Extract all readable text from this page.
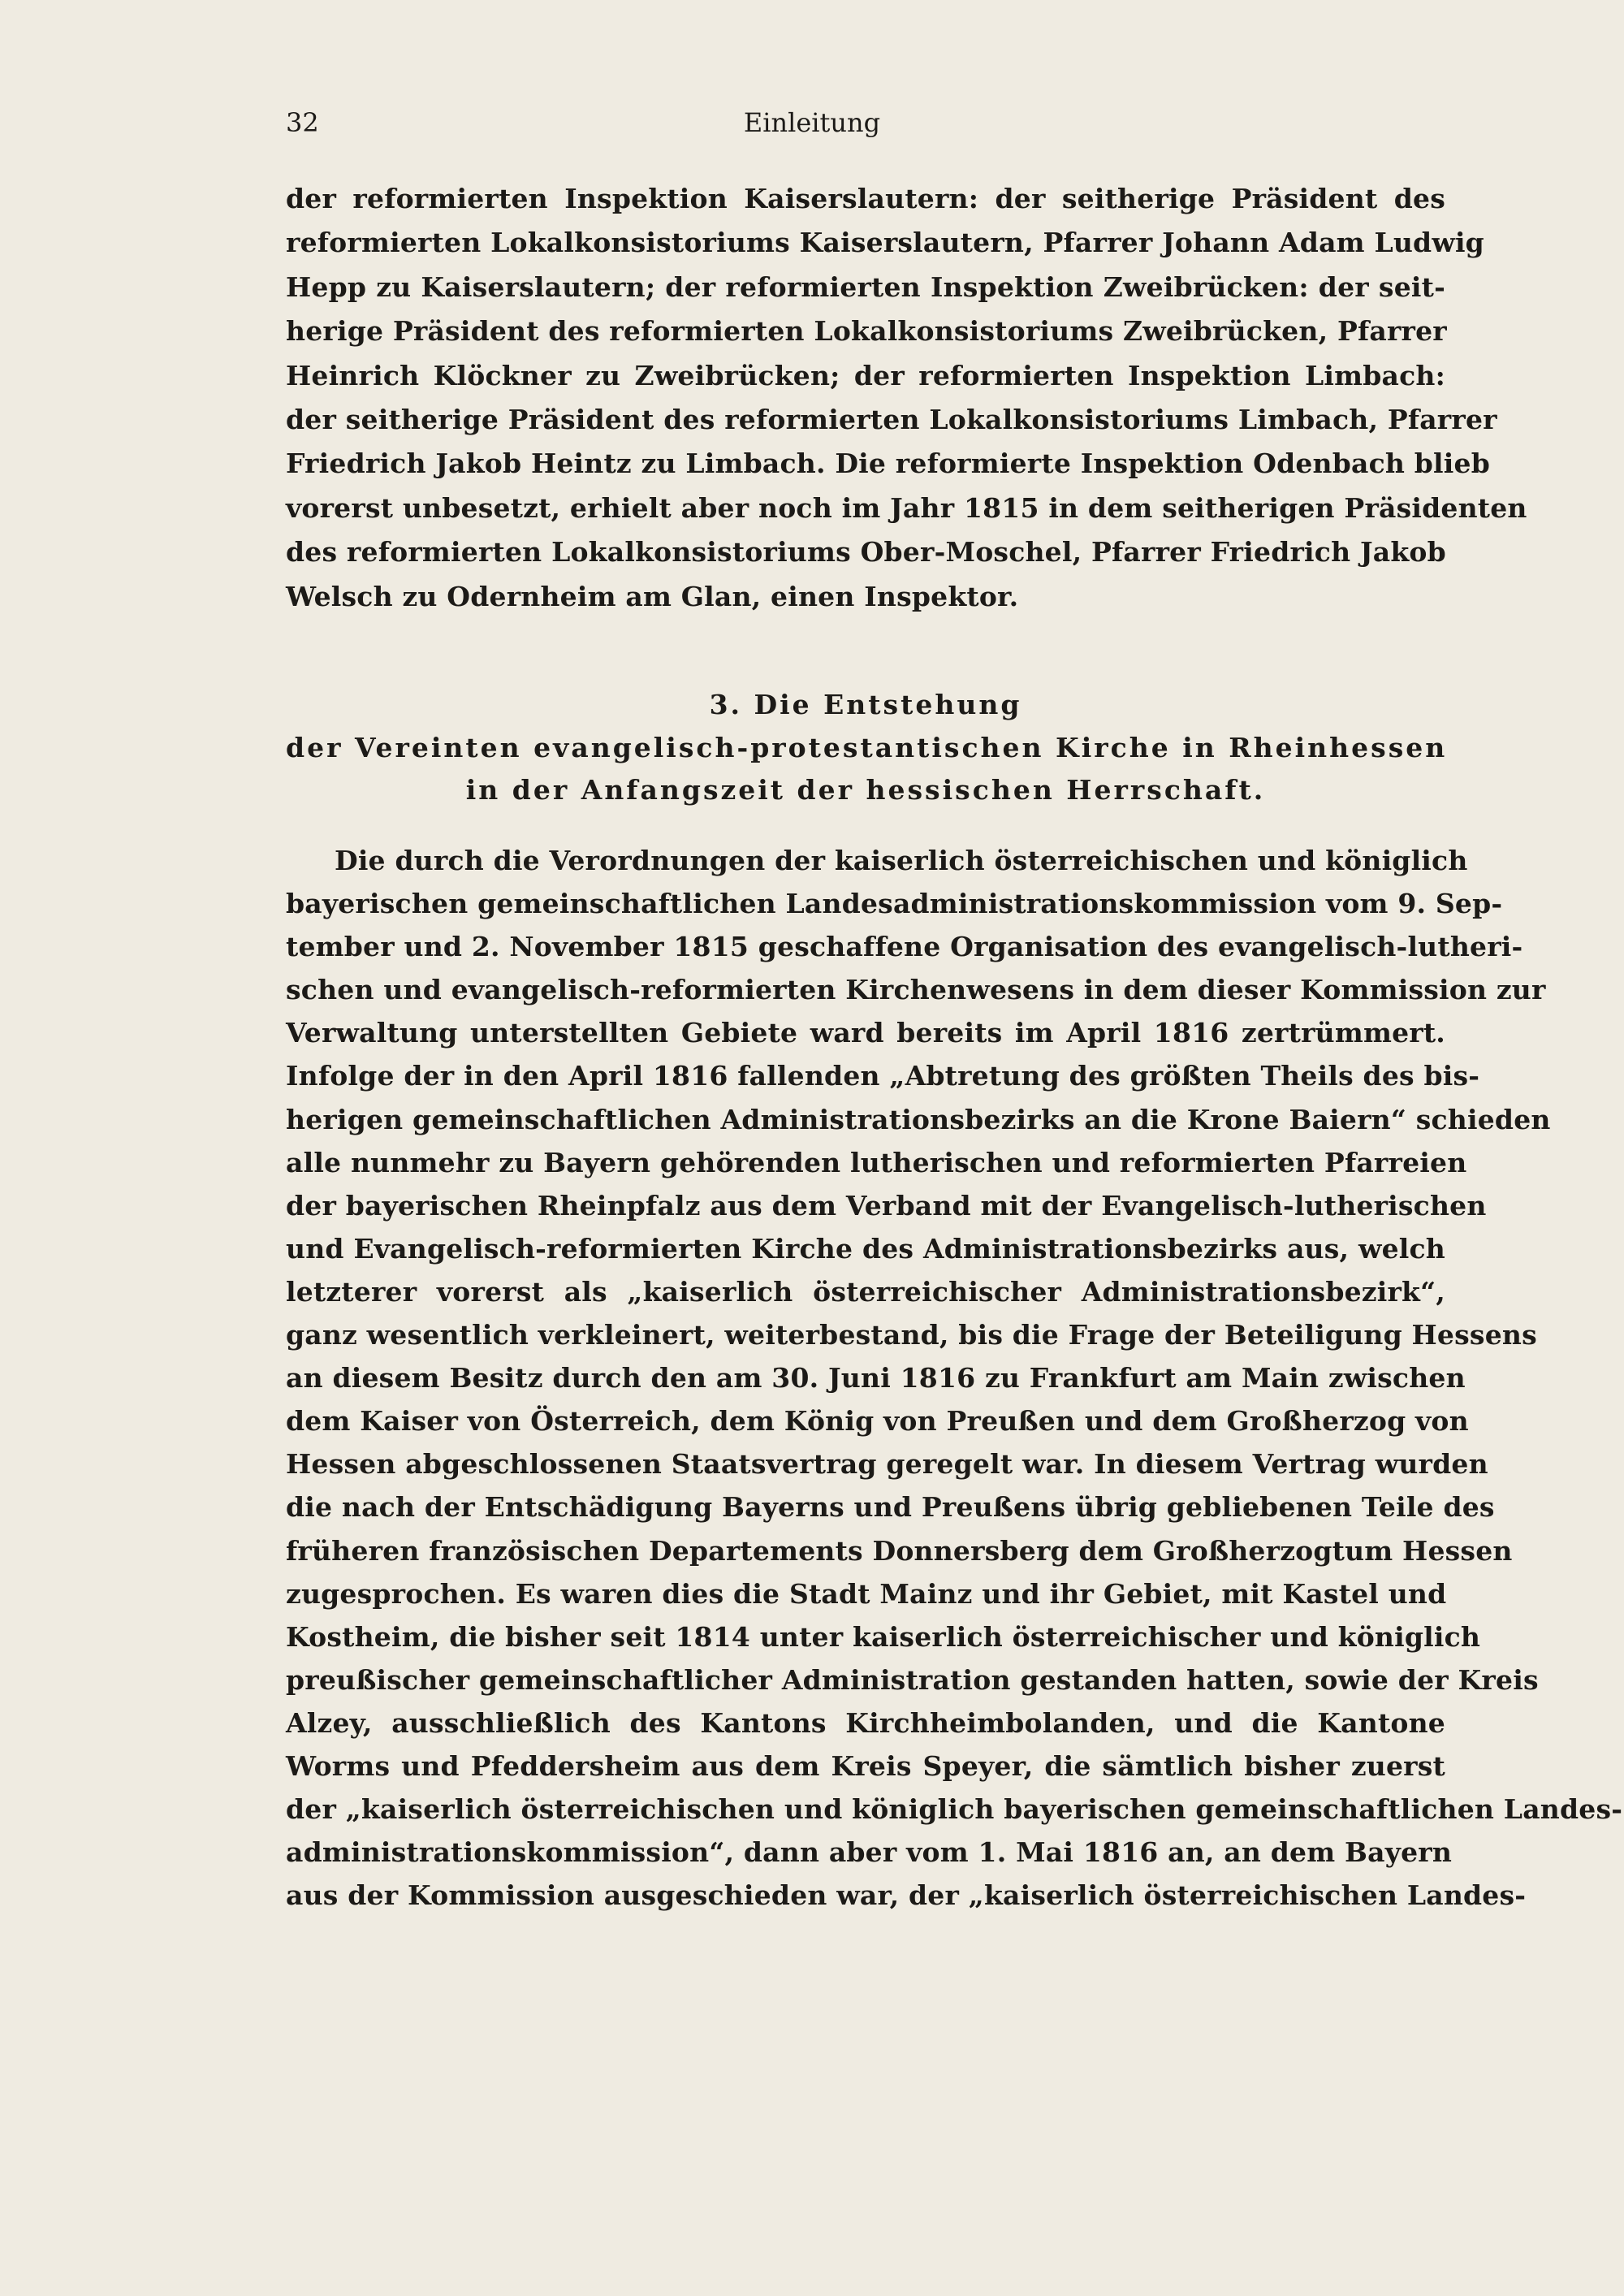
32	Einleitung
der reformierten Inspektion Kaiserslautern: der seitherige Präsident des
reformierten Lokalkonsistoriums Kaiserslautern, Pfarrer Johann Adam Ludwig
Hepp zu Kaiserslautern; der reformierten Inspektion Zweibrücken: der seit-
herige Präsident des reformierten Lokalkonsistoriums Zweibrücken, Pfarrer
Heinrich Klöckner zu Zweibrücken; der reformierten Inspektion Limbach:
der seitherige Präsident des reformierten Lokalkonsistoriums Limbach, Pfarrer
Friedrich Jakob Heintz zu Limbach. Die reformierte Inspektion Odenbach blieb
vorerst unbesetzt, erhielt aber noch im Jahr 1815 in dem seitherigen Präsidenten
des reformierten Lokalkonsistoriums Ober-Moschel, Pfarrer Friedrich Jakob
Welsch zu Odernheim am Glan, einen Inspektor.
3. Die Entstehung
der Vereinten evangelisch-protestantischen Kirche in Rheinhessen
in der Anfangszeit der hessischen Herrschaft.
Die durch die Verordnungen der kaiserlich österreichischen und königlich
bayerischen gemeinschaftlichen Landesadministrationskommission vom 9. Sep-
tember und 2. November 1815 geschaffene Organisation des evangelisch-lutheri-
schen und evangelisch-reformierten Kirchenwesens in dem dieser Kommission zur
Verwaltung unterstellten Gebiete ward bereits im April 1816 zertrümmert.
Infolge der in den April 1816 fallenden „Abtretung des größten Theils des bis-
herigen gemeinschaftlichen Administrationsbezirks an die Krone Baiern“ schieden
alle nunmehr zu Bayern gehörenden lutherischen und reformierten Pfarreien
der bayerischen Rheinpfalz aus dem Verband mit der Evangelisch-lutherischen
und Evangelisch-reformierten Kirche des Administrationsbezirks aus, welch
letzterer vorerst als „kaiserlich österreichischer Administrationsbezirk“,
ganz wesentlich verkleinert, weiterbestand, bis die Frage der Beteiligung Hessens
an diesem Besitz durch den am 30. Juni 1816 zu Frankfurt am Main zwischen
dem Kaiser von Österreich, dem König von Preußen und dem Großherzog von
Hessen abgeschlossenen Staatsvertrag geregelt war. In diesem Vertrag wurden
die nach der Entschädigung Bayerns und Preußens übrig gebliebenen Teile des
früheren französischen Departements Donnersberg dem Großherzogtum Hessen
zugesprochen. Es waren dies die Stadt Mainz und ihr Gebiet, mit Kastel und
Kostheim, die bisher seit 1814 unter kaiserlich österreichischer und königlich
preußischer gemeinschaftlicher Administration gestanden hatten, sowie der Kreis
Alzey, ausschließlich des Kantons Kirchheimbolanden, und die Kantone
Worms und Pfeddersheim aus dem Kreis Speyer, die sämtlich bisher zuerst
der „kaiserlich österreichischen und königlich bayerischen gemeinschaftlichen Landes-
administrationskommission“, dann aber vom 1. Mai 1816 an, an dem Bayern
aus der Kommission ausgeschieden war, der „kaiserlich österreichischen Landes-
